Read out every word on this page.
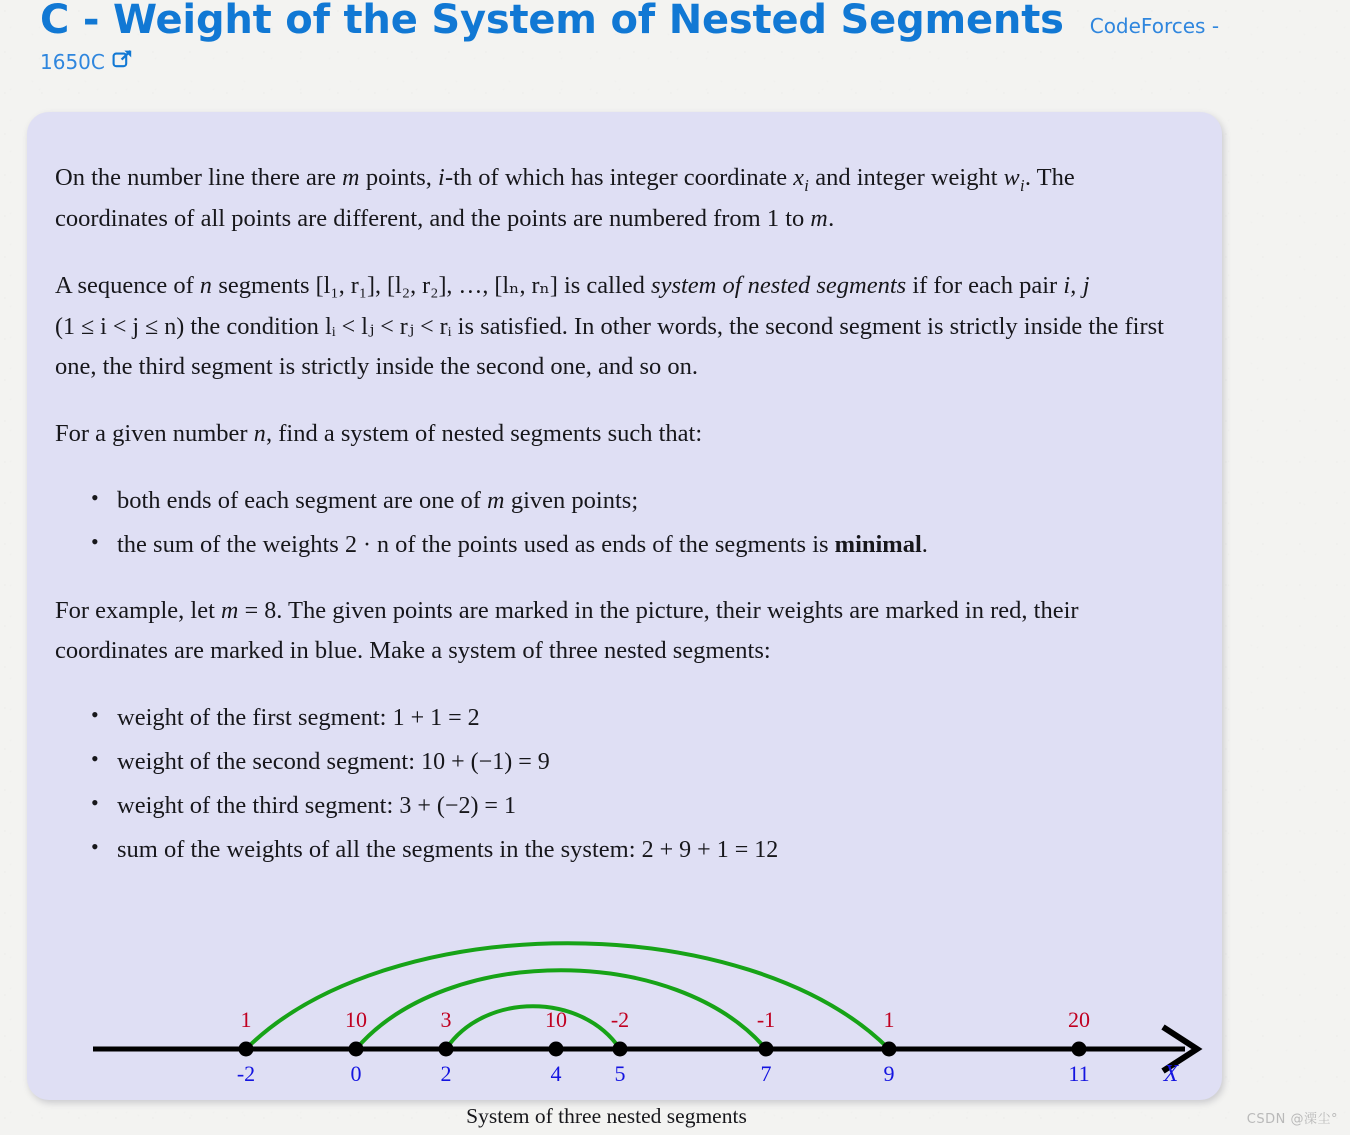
C - Weight of the System of Nested Segments CodeForces -
1650C

On the number line there are m points, i-th of which has integer coordinate $x_i$ and integer weight $w_i$. The coordinates of all points are different, and the points are numbered from 1 to m.

A sequence of n segments [l₁, r₁], [l₂, r₂], …, [lₙ, rₙ] is called system of nested segments if for each pair i, j (1 ≤ i < j ≤ n) the condition lᵢ < lⱼ < rⱼ < rᵢ is satisfied. In other words, the second segment is strictly inside the first one, the third segment is strictly inside the second one, and so on.

For a given number n, find a system of nested segments such that:

• both ends of each segment are one of m given points;
• the sum of the weights 2 · n of the points used as ends of the segments is minimal.

For example, let m = 8. The given points are marked in the picture, their weights are marked in red, their coordinates are marked in blue. Make a system of three nested segments:

• weight of the first segment: 1 + 1 = 2
• weight of the second segment: 10 + (−1) = 9
• weight of the third segment: 3 + (−2) = 1
• sum of the weights of all the segments in the system: 2 + 9 + 1 = 12
1
-2
10
0
3
2
10
4
-2
5
-1
7
1
9
20
11	X
System of three nested segments	CSDN @溧尘°
